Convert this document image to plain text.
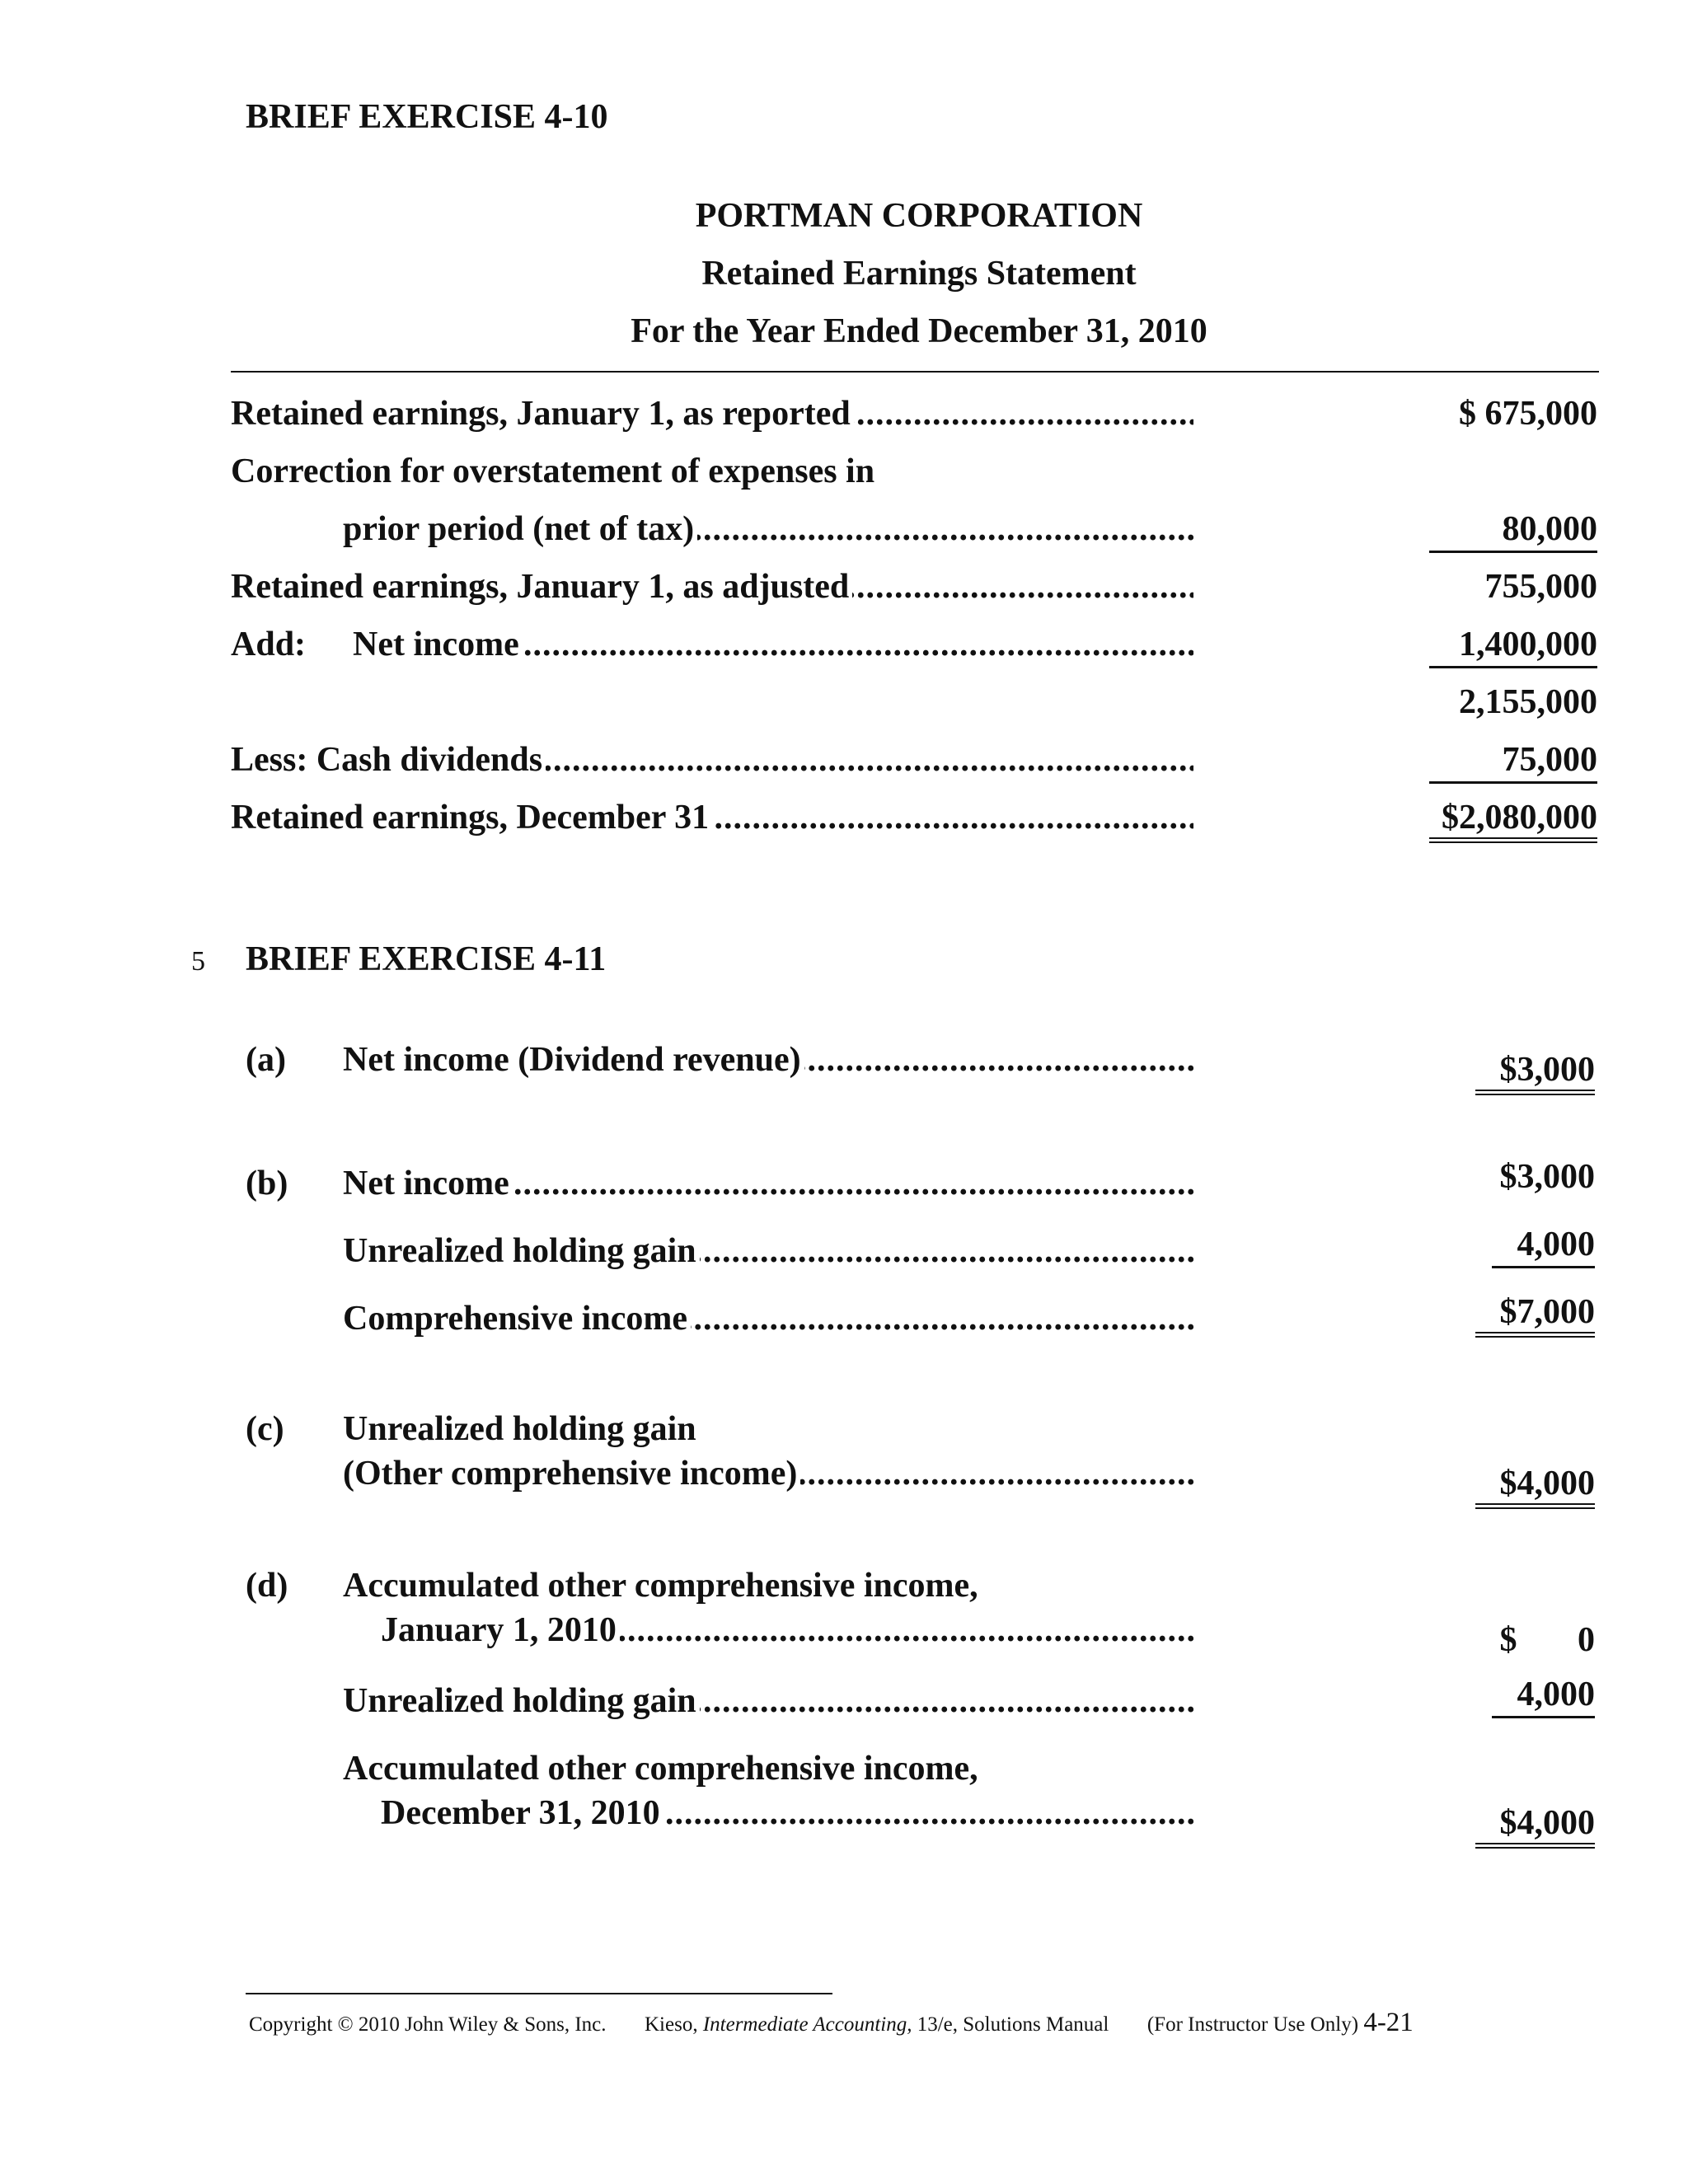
BRIEF EXERCISE 4-10
PORTMAN CORPORATION
Retained Earnings Statement
For the Year Ended December 31, 2010
Retained earnings, January 1, as reported .....	$ 675,000
Correction for overstatement of expenses in
prior period (net of tax) .....	80,000
Retained earnings, January 1, as adjusted .....	755,000
Add: Net income .....	1,400,000
2,155,000
Less: Cash dividends .....	75,000
Retained earnings, December 31 .....	$2,080,000
5 BRIEF EXERCISE 4-11
(a) Net income (Dividend revenue) .....	$3,000
(b) Net income .....	$3,000
Unrealized holding gain .....	4,000
Comprehensive income .....	$7,000
(c) Unrealized holding gain
(Other comprehensive income) .....	$4,000
(d) Accumulated other comprehensive income,
January 1, 2010 .....	$       0
Unrealized holding gain .....	4,000
Accumulated other comprehensive income,
December 31, 2010 .....	$4,000
Copyright © 2010 John Wiley & Sons, Inc. Kieso, Intermediate Accounting, 13/e, Solutions Manual (For Instructor Use Only) 4-21
